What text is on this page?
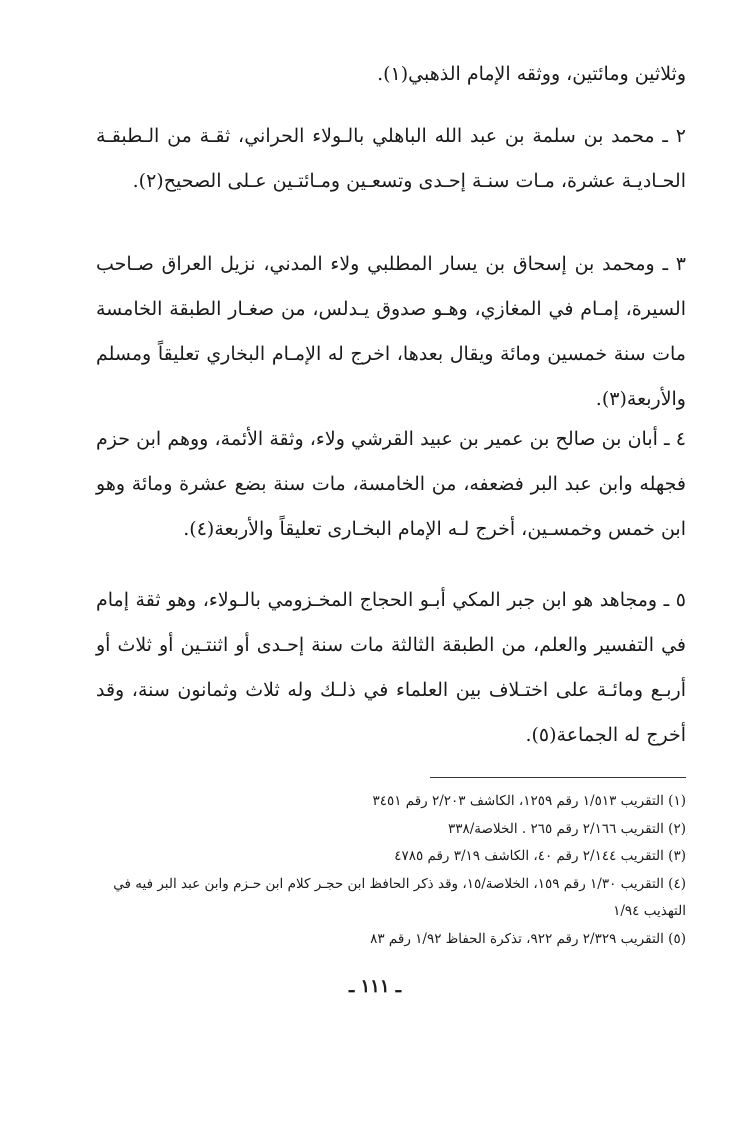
وثلاثين ومائتين، ووثقه الإمام الذهبي(١).

٢ ـ محمد بن سلمة بن عبد الله الباهلي بالـولاء الحراني، ثقـة من الـطبقـة الحـاديـة عشرة، مـات سنـة إحـدى وتسعـين ومـائتـين عـلى الصحيح(٢).

٣ ـ ومحمد بن إسحاق بن يسار المطلبي ولاء المدني، نزيل العراق صـاحب السيرة، إمـام في المغازي، وهـو صدوق يـدلس، من صغـار الطبقة الخامسة مات سنة خمسين ومائة ويقال بعدها، اخرج له الإمـام البخاري تعليقاً ومسلم والأربعة(٣).

٤ ـ أبان بن صالح بن عمير بن عبيد القرشي ولاء، وثقة الأئمة، ووهم ابن حزم فجهله وابن عبد البر فضعفه، من الخامسة، مات سنة بضع عشرة ومائة وهو ابن خمس وخمسـين، أخرج لـه الإمام البخـارى تعليقاً والأربعة(٤).

٥ ـ ومجاهد هو ابن جبر المكي أبـو الحجاج المخـزومي بالـولاء، وهو ثقة إمام في التفسير والعلم، من الطبقة الثالثة مات سنة إحـدى أو اثنتـين أو ثلاث أو أربـع ومائـة على اختـلاف بين العلماء في ذلـك وله ثلاث وثمانون سنة، وقد أخرج له الجماعة(٥).

(١) التقريب ١/٥١٣ رقم ١٢٥٩، الكاشف ٢/٢٠٣ رقم ٣٤٥١
(٢) التقريب ٢/١٦٦ رقم ٢٦٥ . الخلاصة/٣٣٨
(٣) التقريب ٢/١٤٤ رقم ٤٠، الكاشف ٣/١٩ رقم ٤٧٨٥
(٤) التقريب ١/٣٠ رقم ١٥٩، الخلاصة/١٥، وقد ذكر الحافظ ابن حجـر كلام ابن حـزم وابن عبد البر فيه في التهذيب ١/٩٤
(٥) التقريب ٢/٣٢٩ رقم ٩٢٢، تذكرة الحفاظ ١/٩٢ رقم ٨٣
ـ ١١١ ـ
